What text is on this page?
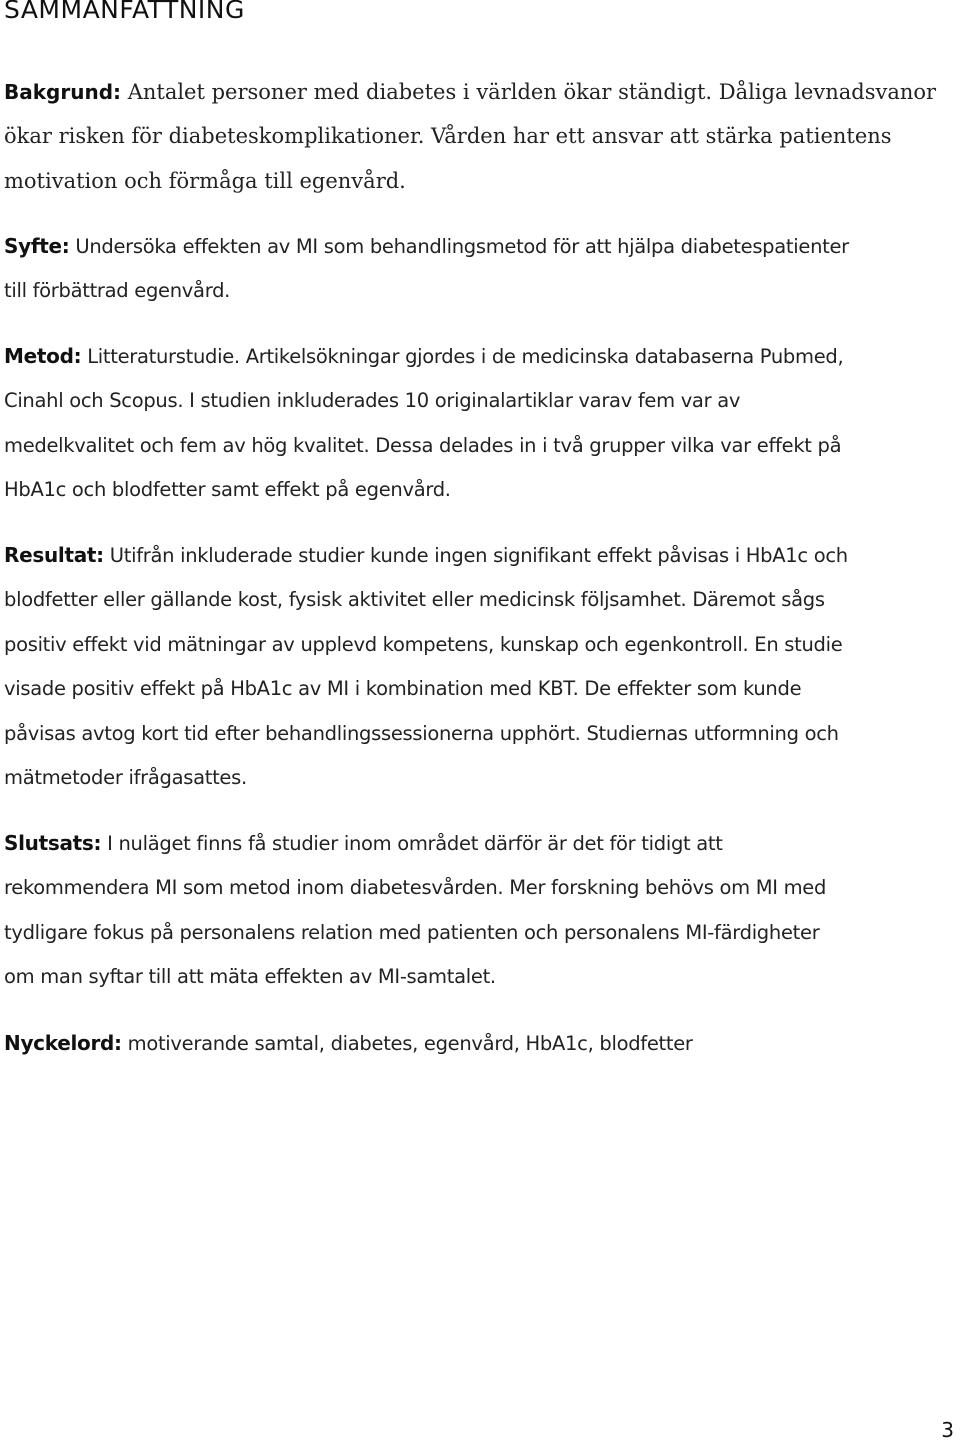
SAMMANFATTNING

Bakgrund: Antalet personer med diabetes i världen ökar ständigt. Dåliga levnadsvanor
ökar risken för diabeteskomplikationer. Vården har ett ansvar att stärka patientens
motivation och förmåga till egenvård.

Syfte: Undersöka effekten av MI som behandlingsmetod för att hjälpa diabetespatienter
till förbättrad egenvård.

Metod: Litteraturstudie. Artikelsökningar gjordes i de medicinska databaserna Pubmed,
Cinahl och Scopus. I studien inkluderades 10 originalartiklar varav fem var av
medelkvalitet och fem av hög kvalitet. Dessa delades in i två grupper vilka var effekt på
HbA1c och blodfetter samt effekt på egenvård.

Resultat: Utifrån inkluderade studier kunde ingen signifikant effekt påvisas i HbA1c och
blodfetter eller gällande kost, fysisk aktivitet eller medicinsk följsamhet. Däremot sågs
positiv effekt vid mätningar av upplevd kompetens, kunskap och egenkontroll. En studie
visade positiv effekt på HbA1c av MI i kombination med KBT. De effekter som kunde
påvisas avtog kort tid efter behandlingssessionerna upphört. Studiernas utformning och
mätmetoder ifrågasattes.

Slutsats: I nuläget finns få studier inom området därför är det för tidigt att
rekommendera MI som metod inom diabetesvården. Mer forskning behövs om MI med
tydligare fokus på personalens relation med patienten och personalens MI-färdigheter
om man syftar till att mäta effekten av MI-samtalet.

Nyckelord: motiverande samtal, diabetes, egenvård, HbA1c, blodfetter

3
